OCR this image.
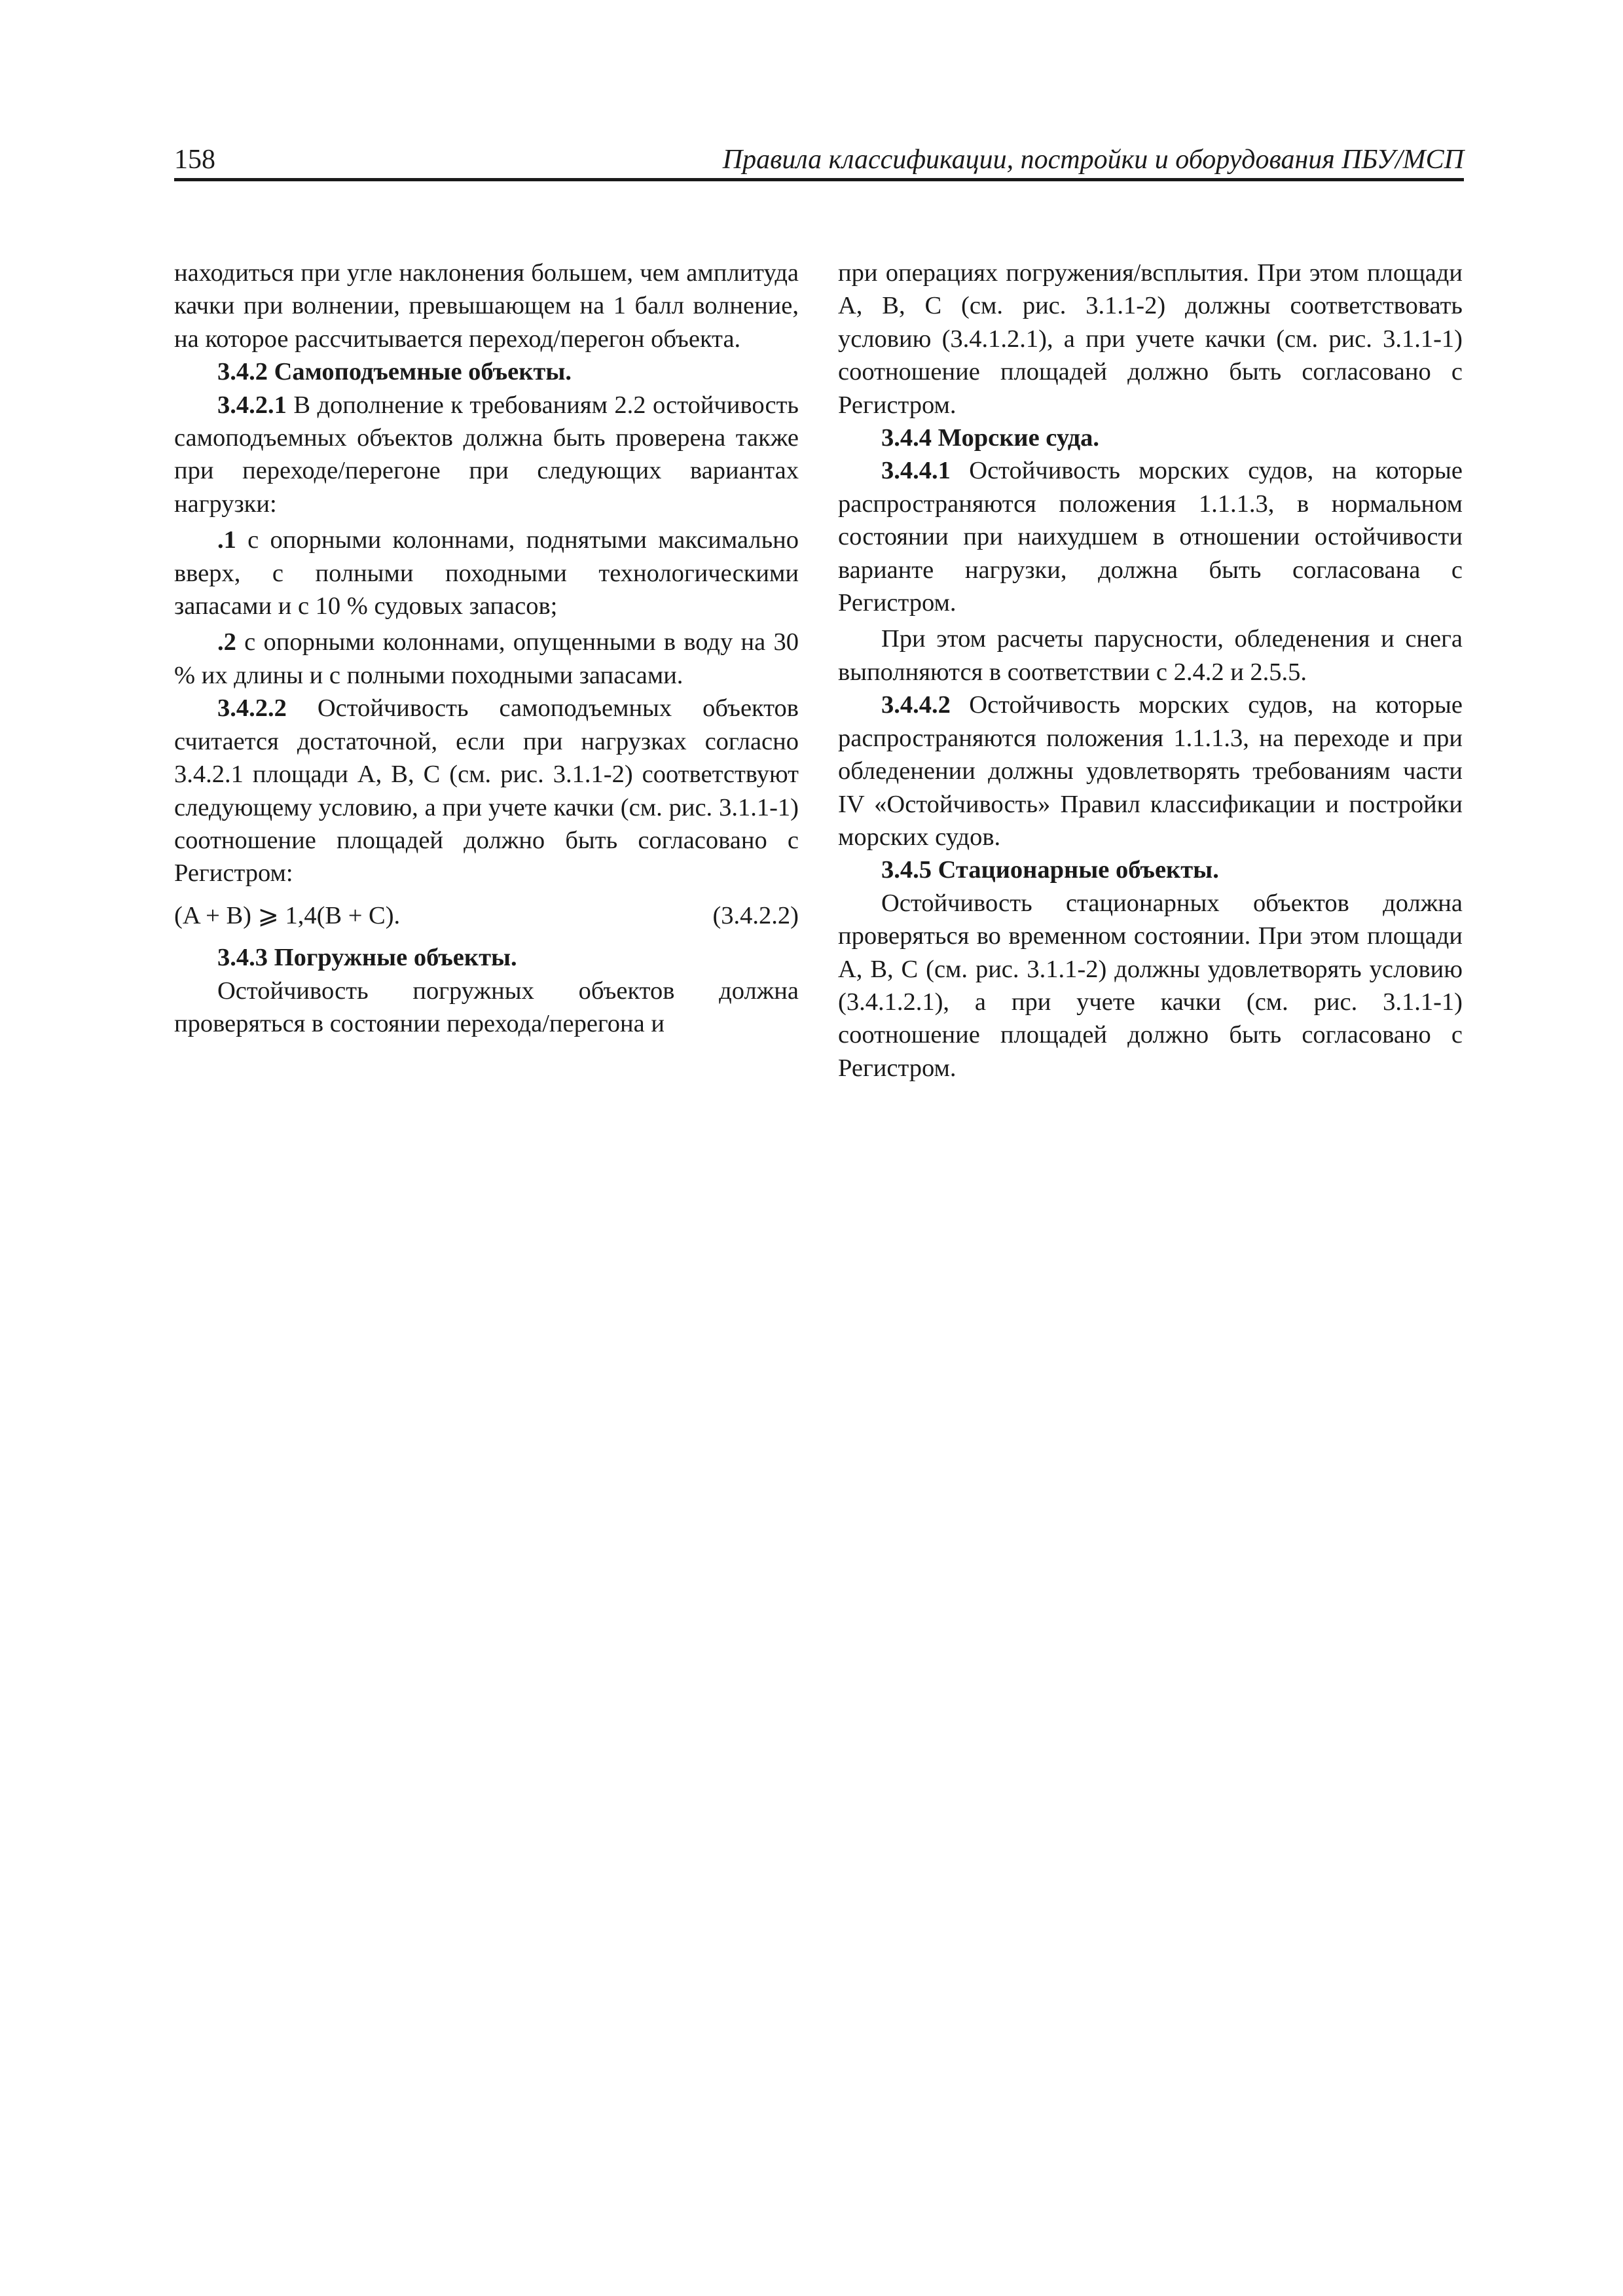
158	Правила классификации, постройки и оборудования ПБУ/МСП

находиться при угле наклонения большем, чем амплитуда качки при волнении, превышающем на 1 балл волнение, на которое рассчитывается переход/перегон объекта.

3.4.2 Самоподъемные объекты.

3.4.2.1 В дополнение к требованиям 2.2 остойчивость самоподъемных объектов должна быть проверена также при переходе/перегоне при следующих вариантах нагрузки:

.1 с опорными колоннами, поднятыми максимально вверх, с полными походными технологическими запасами и с 10 % судовых запасов;

.2 с опорными колоннами, опущенными в воду на 30 % их длины и с полными походными запасами.

3.4.2.2 Остойчивость самоподъемных объектов считается достаточной, если при нагрузках согласно 3.4.2.1 площади A, B, C (см. рис. 3.1.1-2) соответствуют следующему условию, а при учете качки (см. рис. 3.1.1-1) соотношение площадей должно быть согласовано с Регистром:

(A + B) ⩾ 1,4(B + C).	(3.4.2.2)
3.4.3 Погружные объекты.

Остойчивость погружных объектов должна проверяться в состоянии перехода/перегона и

при операциях погружения/всплытия. При этом площади A, B, C (см. рис. 3.1.1-2) должны соответствовать условию (3.4.1.2.1), а при учете качки (см. рис. 3.1.1-1) соотношение площадей должно быть согласовано с Регистром.

3.4.4 Морские суда.

3.4.4.1 Остойчивость морских судов, на которые распространяются положения 1.1.1.3, в нормальном состоянии при наихудшем в отношении остойчивости варианте нагрузки, должна быть согласована с Регистром.

При этом расчеты парусности, обледенения и снега выполняются в соответствии с 2.4.2 и 2.5.5.

3.4.4.2 Остойчивость морских судов, на которые распространяются положения 1.1.1.3, на переходе и при обледенении должны удовлетворять требованиям части IV «Остойчивость» Правил классификации и постройки морских судов.

3.4.5 Стационарные объекты.

Остойчивость стационарных объектов должна проверяться во временном состоянии. При этом площади A, B, C (см. рис. 3.1.1-2) должны удовлетворять условию (3.4.1.2.1), а при учете качки (см. рис. 3.1.1-1) соотношение площадей должно быть согласовано с Регистром.
